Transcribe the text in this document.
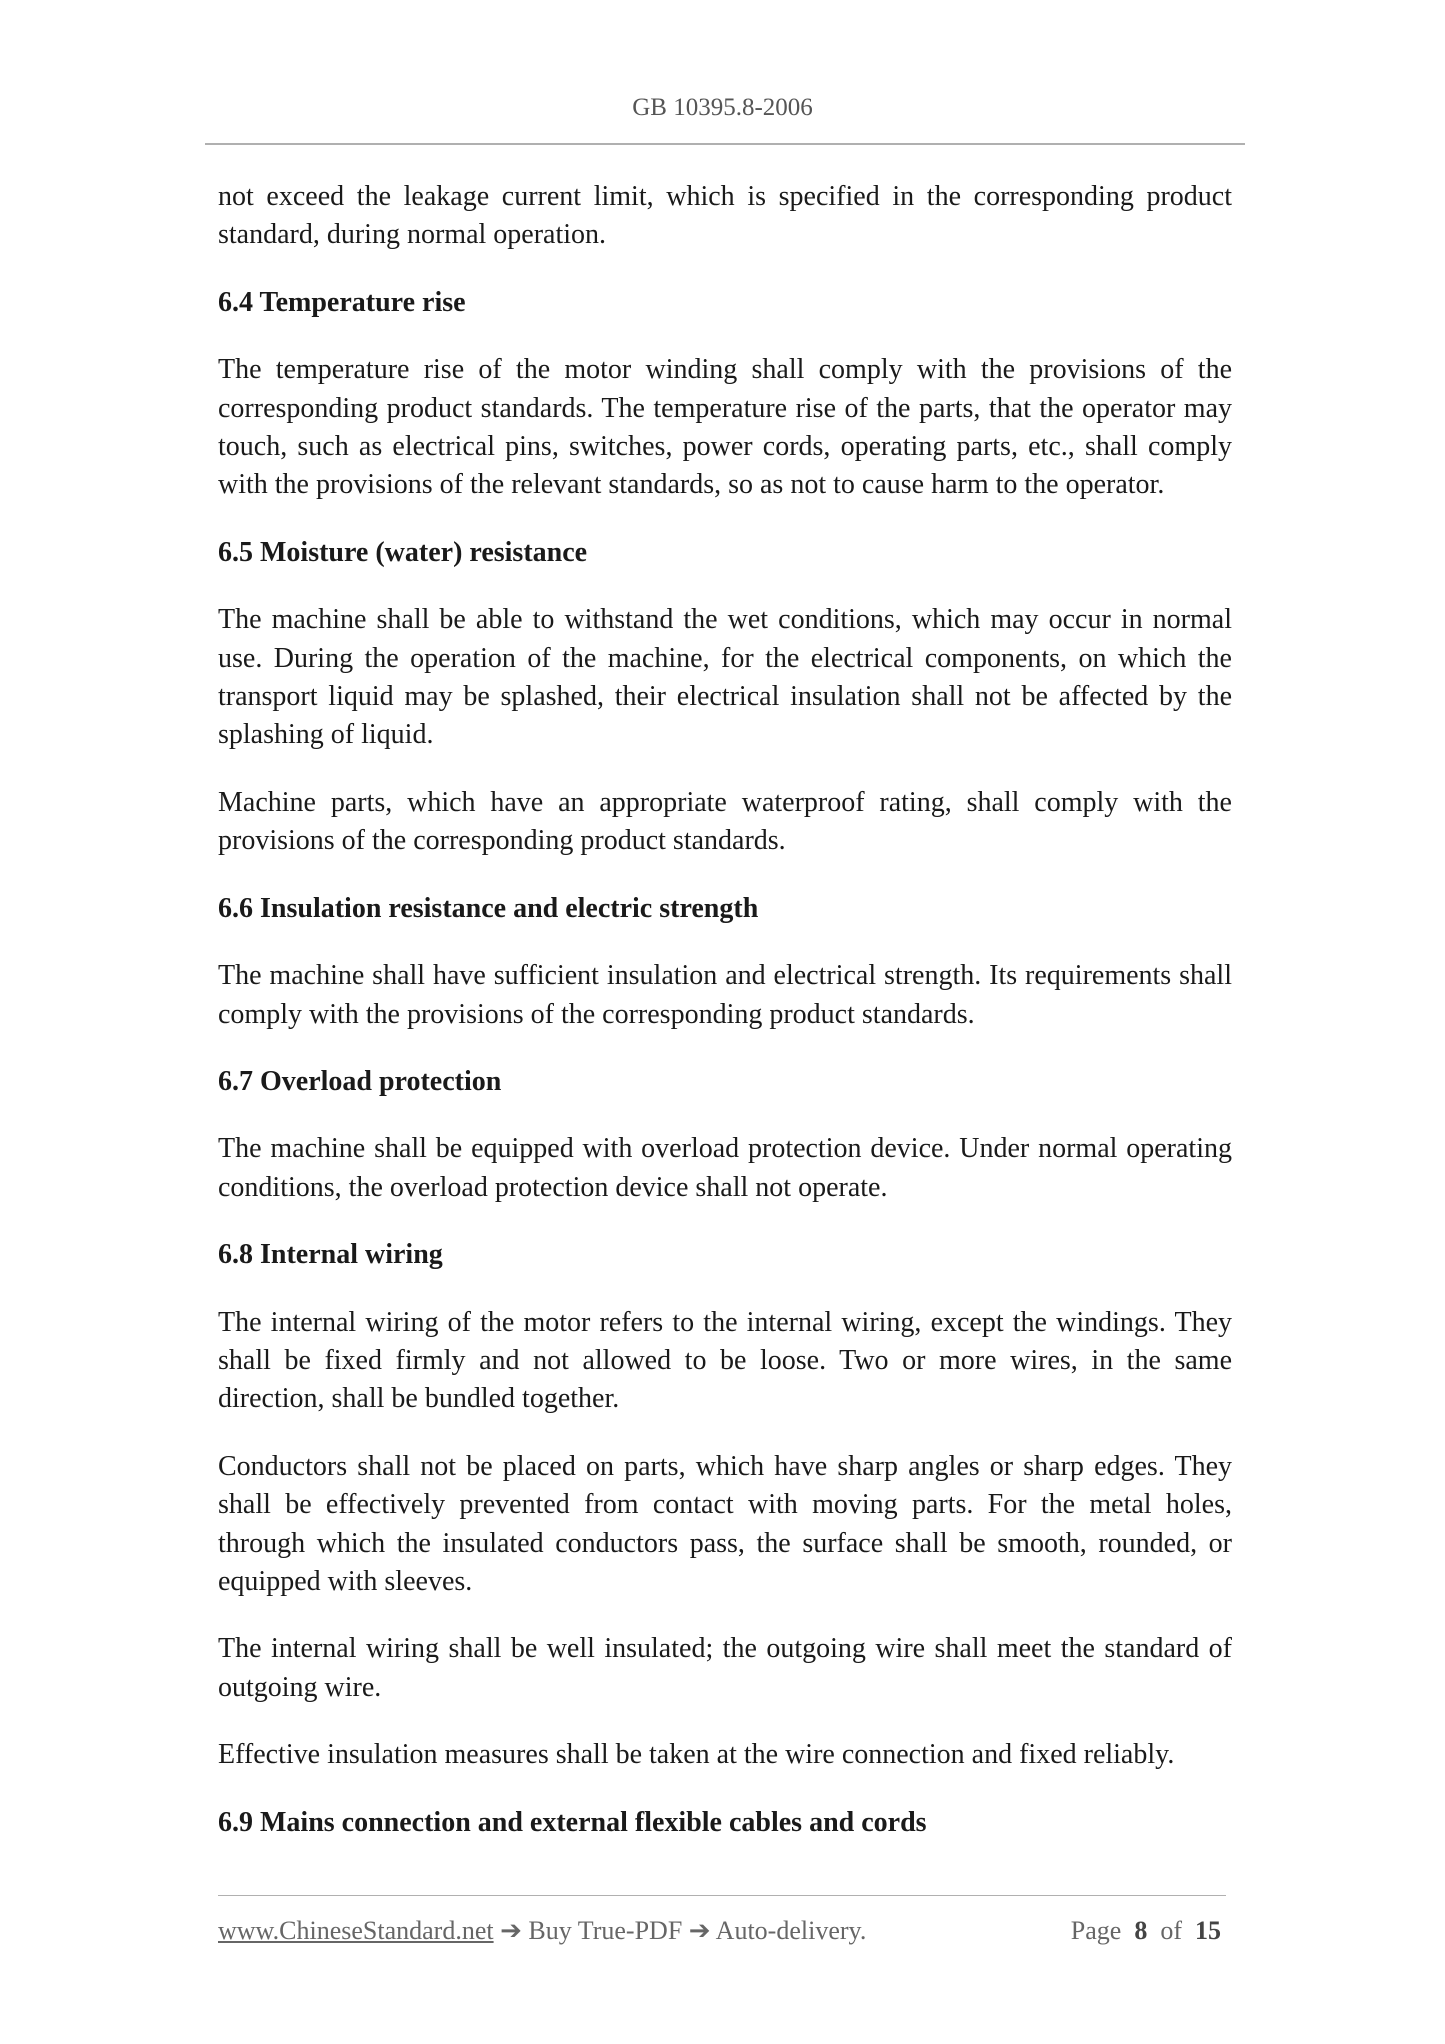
GB 10395.8-2006

not exceed the leakage current limit, which is specified in the corresponding product standard, during normal operation.

6.4 Temperature rise

The temperature rise of the motor winding shall comply with the provisions of the corresponding product standards. The temperature rise of the parts, that the operator may touch, such as electrical pins, switches, power cords, operating parts, etc., shall comply with the provisions of the relevant standards, so as not to cause harm to the operator.

6.5 Moisture (water) resistance

The machine shall be able to withstand the wet conditions, which may occur in normal use. During the operation of the machine, for the electrical components, on which the transport liquid may be splashed, their electrical insulation shall not be affected by the splashing of liquid.

Machine parts, which have an appropriate waterproof rating, shall comply with the provisions of the corresponding product standards.

6.6 Insulation resistance and electric strength

The machine shall have sufficient insulation and electrical strength. Its requirements shall comply with the provisions of the corresponding product standards.

6.7 Overload protection

The machine shall be equipped with overload protection device. Under normal operating conditions, the overload protection device shall not operate.

6.8 Internal wiring

The internal wiring of the motor refers to the internal wiring, except the windings. They shall be fixed firmly and not allowed to be loose. Two or more wires, in the same direction, shall be bundled together.

Conductors shall not be placed on parts, which have sharp angles or sharp edges. They shall be effectively prevented from contact with moving parts. For the metal holes, through which the insulated conductors pass, the surface shall be smooth, rounded, or equipped with sleeves.

The internal wiring shall be well insulated; the outgoing wire shall meet the standard of outgoing wire.

Effective insulation measures shall be taken at the wire connection and fixed reliably.

6.9 Mains connection and external flexible cables and cords

www.ChineseStandard.net ➔ Buy True-PDF ➔ Auto-delivery.	Page 8 of 15
